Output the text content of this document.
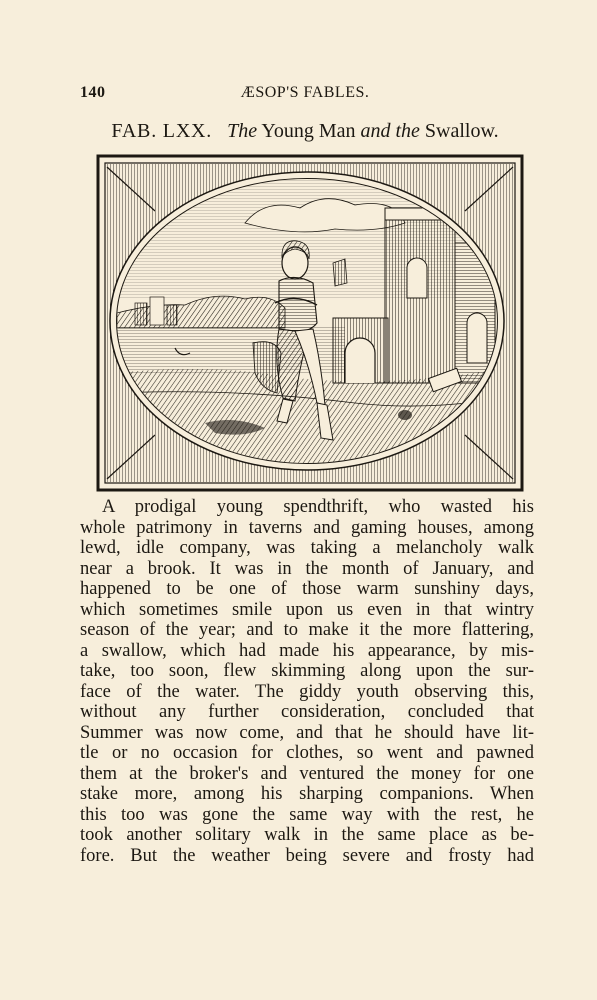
140	ÆSOP'S FABLES.
FAB. LXX. The Young Man and the Swallow.
A prodigal young spendthrift, who wasted his
whole patrimony in taverns and gaming houses, among
lewd, idle company, was taking a melancholy walk
near a brook. It was in the month of January, and
happened to be one of those warm sunshiny days,
which sometimes smile upon us even in that wintry
season of the year; and to make it the more flattering,
a swallow, which had made his appearance, by mis-
take, too soon, flew skimming along upon the sur-
face of the water. The giddy youth observing this,
without any further consideration, concluded that
Summer was now come, and that he should have lit-
tle or no occasion for clothes, so went and pawned
them at the broker's and ventured the money for one
stake more, among his sharping companions. When
this too was gone the same way with the rest, he
took another solitary walk in the same place as be-
fore. But the weather being severe and frosty had
